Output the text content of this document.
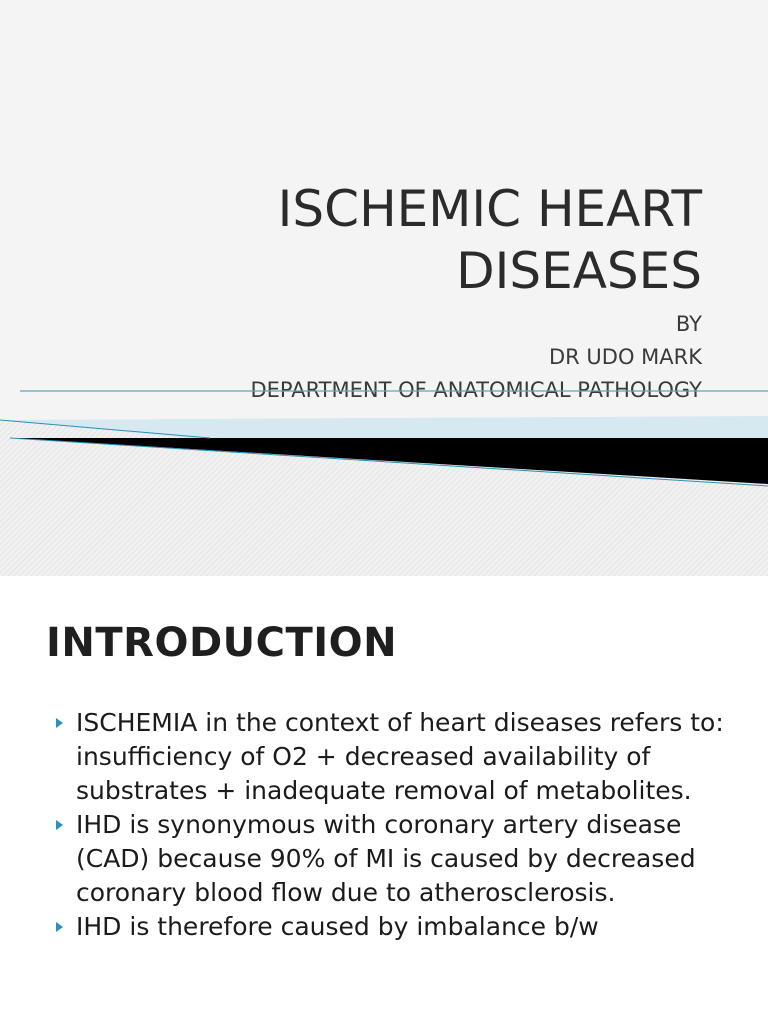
ISCHEMIC HEART
DISEASES
BY
DR UDO MARK
DEPARTMENT OF ANATOMICAL PATHOLOGY
INTRODUCTION
ISCHEMIA in the context of heart diseases refers to: insufficiency of O2 + decreased availability of substrates + inadequate removal of metabolites.
IHD is synonymous with coronary artery disease (CAD) because 90% of MI is caused by decreased coronary blood flow due to atherosclerosis.
IHD is therefore caused by imbalance b/w
